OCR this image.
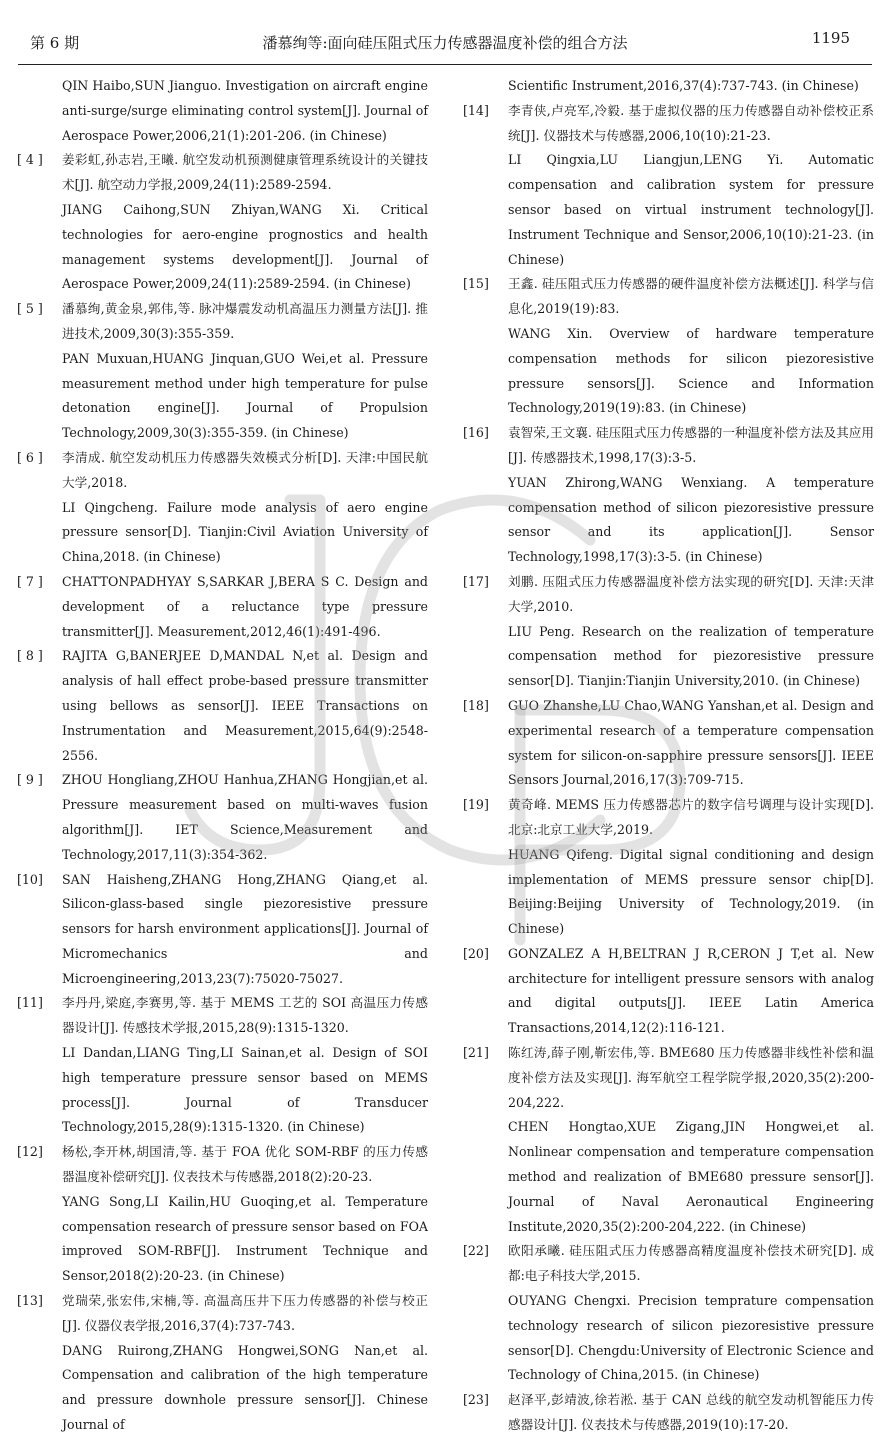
第 6 期	潘慕绚等:面向硅压阻式压力传感器温度补偿的组合方法	1195
QIN Haibo,SUN Jianguo. Investigation on aircraft engine anti-surge/surge eliminating control system[J]. Journal of Aerospace Power,2006,21(1):201-206. (in Chinese)
[ 4 ]	姜彩虹,孙志岩,王曦. 航空发动机预测健康管理系统设计的关键技术[J]. 航空动力学报,2009,24(11):2589-2594.
JIANG Caihong,SUN Zhiyan,WANG Xi. Critical technologies for aero-engine prognostics and health management systems development[J]. Journal of Aerospace Power,2009,24(11):2589-2594. (in Chinese)
[ 5 ]	潘慕绚,黄金泉,郭伟,等. 脉冲爆震发动机高温压力测量方法[J]. 推进技术,2009,30(3):355-359.
PAN Muxuan,HUANG Jinquan,GUO Wei,et al. Pressure measurement method under high temperature for pulse detonation engine[J]. Journal of Propulsion Technology,2009,30(3):355-359. (in Chinese)
[ 6 ]	李清成. 航空发动机压力传感器失效模式分析[D]. 天津:中国民航大学,2018.
LI Qingcheng. Failure mode analysis of aero engine pressure sensor[D]. Tianjin:Civil Aviation University of China,2018. (in Chinese)
[ 7 ]	CHATTONPADHYAY S,SARKAR J,BERA S C. Design and development of a reluctance type pressure transmitter[J]. Measurement,2012,46(1):491-496.
[ 8 ]	RAJITA G,BANERJEE D,MANDAL N,et al. Design and analysis of hall effect probe-based pressure transmitter using bellows as sensor[J]. IEEE Transactions on Instrumentation and Measurement,2015,64(9):2548-2556.
[ 9 ]	ZHOU Hongliang,ZHOU Hanhua,ZHANG Hongjian,et al. Pressure measurement based on multi-waves fusion algorithm[J]. IET Science,Measurement and Technology,2017,11(3):354-362.
[10]	SAN Haisheng,ZHANG Hong,ZHANG Qiang,et al. Silicon-glass-based single piezoresistive pressure sensors for harsh environment applications[J]. Journal of Micromechanics and Microengineering,2013,23(7):75020-75027.
[11]	李丹丹,梁庭,李赛男,等. 基于 MEMS 工艺的 SOI 高温压力传感器设计[J]. 传感技术学报,2015,28(9):1315-1320.
LI Dandan,LIANG Ting,LI Sainan,et al. Design of SOI high temperature pressure sensor based on MEMS process[J]. Journal of Transducer Technology,2015,28(9):1315-1320. (in Chinese)
[12]	杨松,李开林,胡国清,等. 基于 FOA 优化 SOM-RBF 的压力传感器温度补偿研究[J]. 仪表技术与传感器,2018(2):20-23.
YANG Song,LI Kailin,HU Guoqing,et al. Temperature compensation research of pressure sensor based on FOA improved SOM-RBF[J]. Instrument Technique and Sensor,2018(2):20-23. (in Chinese)
[13]	党瑞荣,张宏伟,宋楠,等. 高温高压井下压力传感器的补偿与校正[J]. 仪器仪表学报,2016,37(4):737-743.
DANG Ruirong,ZHANG Hongwei,SONG Nan,et al. Compensation and calibration of the high temperature and pressure downhole pressure sensor[J]. Chinese Journal of
Scientific Instrument,2016,37(4):737-743. (in Chinese)
[14]	李青侠,卢亮军,冷毅. 基于虚拟仪器的压力传感器自动补偿校正系统[J]. 仪器技术与传感器,2006,10(10):21-23.
LI Qingxia,LU Liangjun,LENG Yi. Automatic compensation and calibration system for pressure sensor based on virtual instrument technology[J]. Instrument Technique and Sensor,2006,10(10):21-23. (in Chinese)
[15]	王鑫. 硅压阻式压力传感器的硬件温度补偿方法概述[J]. 科学与信息化,2019(19):83.
WANG Xin. Overview of hardware temperature compensation methods for silicon piezoresistive pressure sensors[J]. Science and Information Technology,2019(19):83. (in Chinese)
[16]	袁智荣,王文襄. 硅压阻式压力传感器的一种温度补偿方法及其应用[J]. 传感器技术,1998,17(3):3-5.
YUAN Zhirong,WANG Wenxiang. A temperature compensation method of silicon piezoresistive pressure sensor and its application[J]. Sensor Technology,1998,17(3):3-5. (in Chinese)
[17]	刘鹏. 压阻式压力传感器温度补偿方法实现的研究[D]. 天津:天津大学,2010.
LIU Peng. Research on the realization of temperature compensation method for piezoresistive pressure sensor[D]. Tianjin:Tianjin University,2010. (in Chinese)
[18]	GUO Zhanshe,LU Chao,WANG Yanshan,et al. Design and experimental research of a temperature compensation system for silicon-on-sapphire pressure sensors[J]. IEEE Sensors Journal,2016,17(3):709-715.
[19]	黄奇峰. MEMS 压力传感器芯片的数字信号调理与设计实现[D]. 北京:北京工业大学,2019.
HUANG Qifeng. Digital signal conditioning and design implementation of MEMS pressure sensor chip[D]. Beijing:Beijing University of Technology,2019. (in Chinese)
[20]	GONZALEZ A H,BELTRAN J R,CERON J T,et al. New architecture for intelligent pressure sensors with analog and digital outputs[J]. IEEE Latin America Transactions,2014,12(2):116-121.
[21]	陈红涛,薛子刚,靳宏伟,等. BME680 压力传感器非线性补偿和温度补偿方法及实现[J]. 海军航空工程学院学报,2020,35(2):200-204,222.
CHEN Hongtao,XUE Zigang,JIN Hongwei,et al. Nonlinear compensation and temperature compensation method and realization of BME680 pressure sensor[J]. Journal of Naval Aeronautical Engineering Institute,2020,35(2):200-204,222. (in Chinese)
[22]	欧阳承曦. 硅压阻式压力传感器高精度温度补偿技术研究[D]. 成都:电子科技大学,2015.
OUYANG Chengxi. Precision temprature compensation technology research of silicon piezoresistive pressure sensor[D]. Chengdu:University of Electronic Science and Technology of China,2015. (in Chinese)
[23]	赵泽平,彭靖波,徐若淞. 基于 CAN 总线的航空发动机智能压力传感器设计[J]. 仪表技术与传感器,2019(10):17-20.
